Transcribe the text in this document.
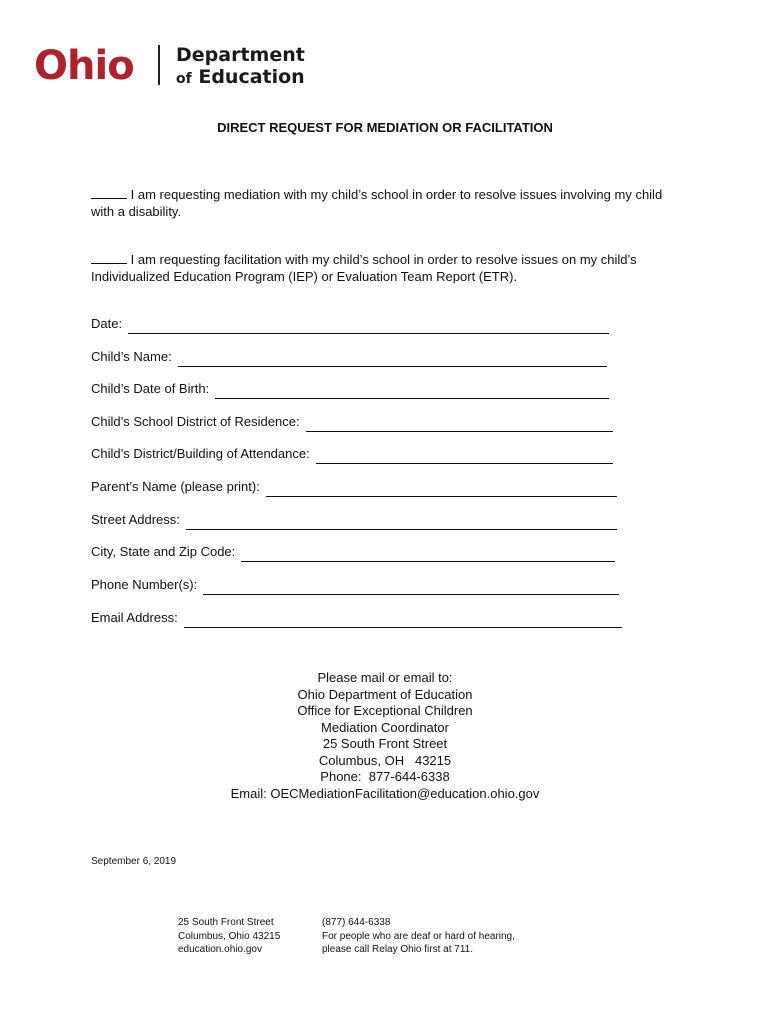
Ohio Department
of Education
DIRECT REQUEST FOR MEDIATION OR FACILITATION
I am requesting mediation with my child’s school in order to resolve issues involving my child with a disability.
I am requesting facilitation with my child’s school in order to resolve issues on my child’s Individualized Education Program (IEP) or Evaluation Team Report (ETR).
Date:
Child’s Name:
Child’s Date of Birth:
Child’s School District of Residence:
Child’s District/Building of Attendance:
Parent’s Name (please print):
Street Address:
City, State and Zip Code:
Phone Number(s):
Email Address:
Please mail or email to:
Ohio Department of Education
Office for Exceptional Children
Mediation Coordinator
25 South Front Street
Columbus, OH   43215
Phone:  877-644-6338
Email: OECMediationFacilitation@education.ohio.gov
September 6, 2019
25 South Front Street
Columbus, Ohio 43215
education.ohio.gov
(877) 644-6338
For people who are deaf or hard of hearing,
please call Relay Ohio first at 711.
